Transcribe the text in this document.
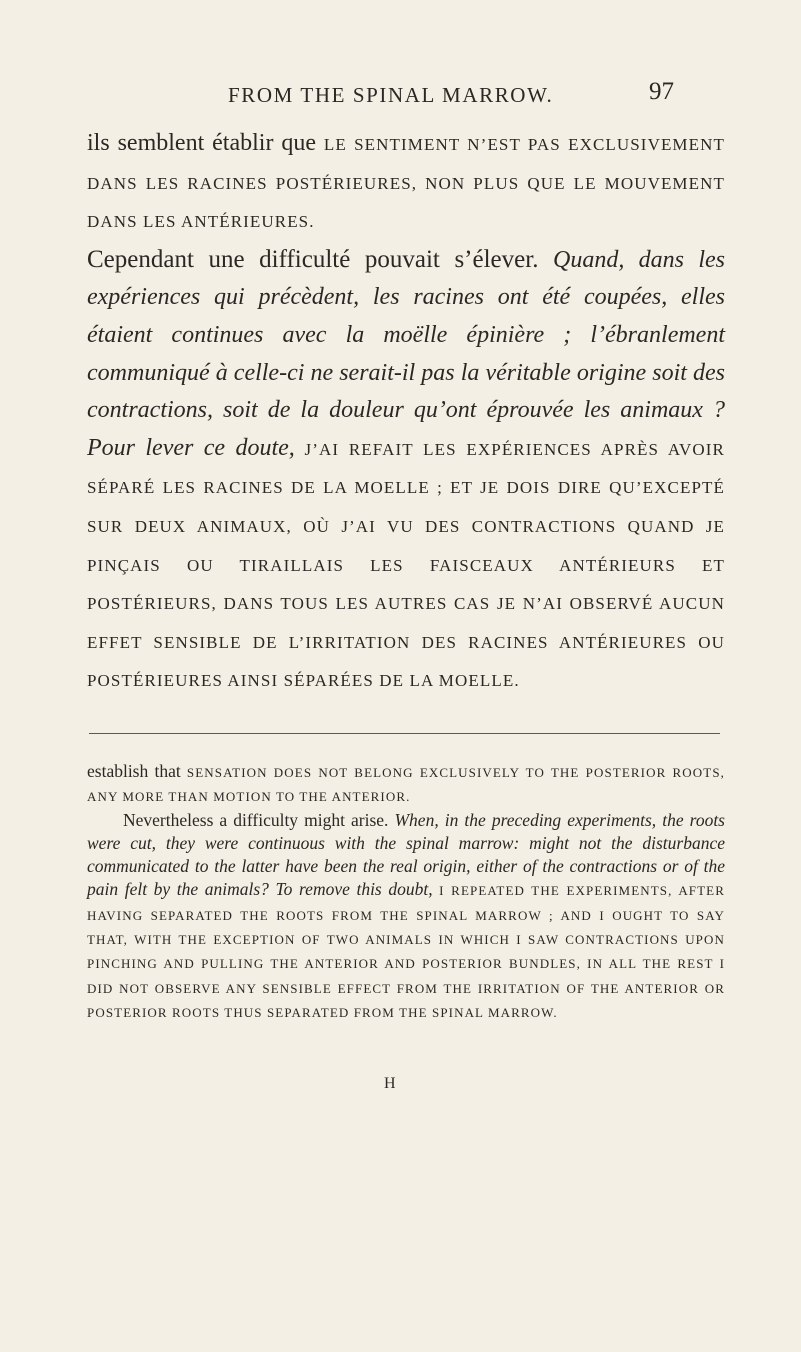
FROM THE SPINAL MARROW.	97
ils semblent établir que LE SENTIMENT N’EST PAS EXCLUSIVEMENT DANS LES RACINES POSTÉRIEURES, NON PLUS QUE LE MOUVEMENT DANS LES ANTÉRIEURES.
Cependant une difficulté pouvait s’élever. Quand, dans les expériences qui précèdent, les racines ont été coupées, elles étaient continues avec la moëlle épinière ; l’ébranlement communiqué à celle-ci ne serait-il pas la véritable origine soit des contractions, soit de la douleur qu’ont éprouvée les animaux ? Pour lever ce doute, J’AI REFAIT LES EXPÉRIENCES APRÈS AVOIR SÉPARÉ LES RACINES DE LA MOELLE ; ET JE DOIS DIRE QU’EXCEPTÉ SUR DEUX ANIMAUX, OÙ J’AI VU DES CONTRACTIONS QUAND JE PINÇAIS OU TIRAILLAIS LES FAISCEAUX ANTÉRIEURS ET POSTÉRIEURS, DANS TOUS LES AUTRES CAS JE N’AI OBSERVÉ AUCUN EFFET SENSIBLE DE L’IRRITATION DES RACINES ANTÉRIEURES OU POSTÉRIEURES AINSI SÉPARÉES DE LA MOELLE.

establish that SENSATION DOES NOT BELONG EXCLUSIVELY TO THE POSTERIOR ROOTS, ANY MORE THAN MOTION TO THE ANTERIOR.

Nevertheless a difficulty might arise. When, in the preceding experiments, the roots were cut, they were continuous with the spinal marrow: might not the disturbance communicated to the latter have been the real origin, either of the contractions or of the pain felt by the animals? To remove this doubt, I REPEATED THE EXPERIMENTS, AFTER HAVING SEPARATED THE ROOTS FROM THE SPINAL MARROW ; AND I OUGHT TO SAY THAT, WITH THE EXCEPTION OF TWO ANIMALS IN WHICH I SAW CONTRACTIONS UPON PINCHING AND PULLING THE ANTERIOR AND POSTERIOR BUNDLES, IN ALL THE REST I DID NOT OBSERVE ANY SENSIBLE EFFECT FROM THE IRRITATION OF THE ANTERIOR OR POSTERIOR ROOTS THUS SEPARATED FROM THE SPINAL MARROW.

H
